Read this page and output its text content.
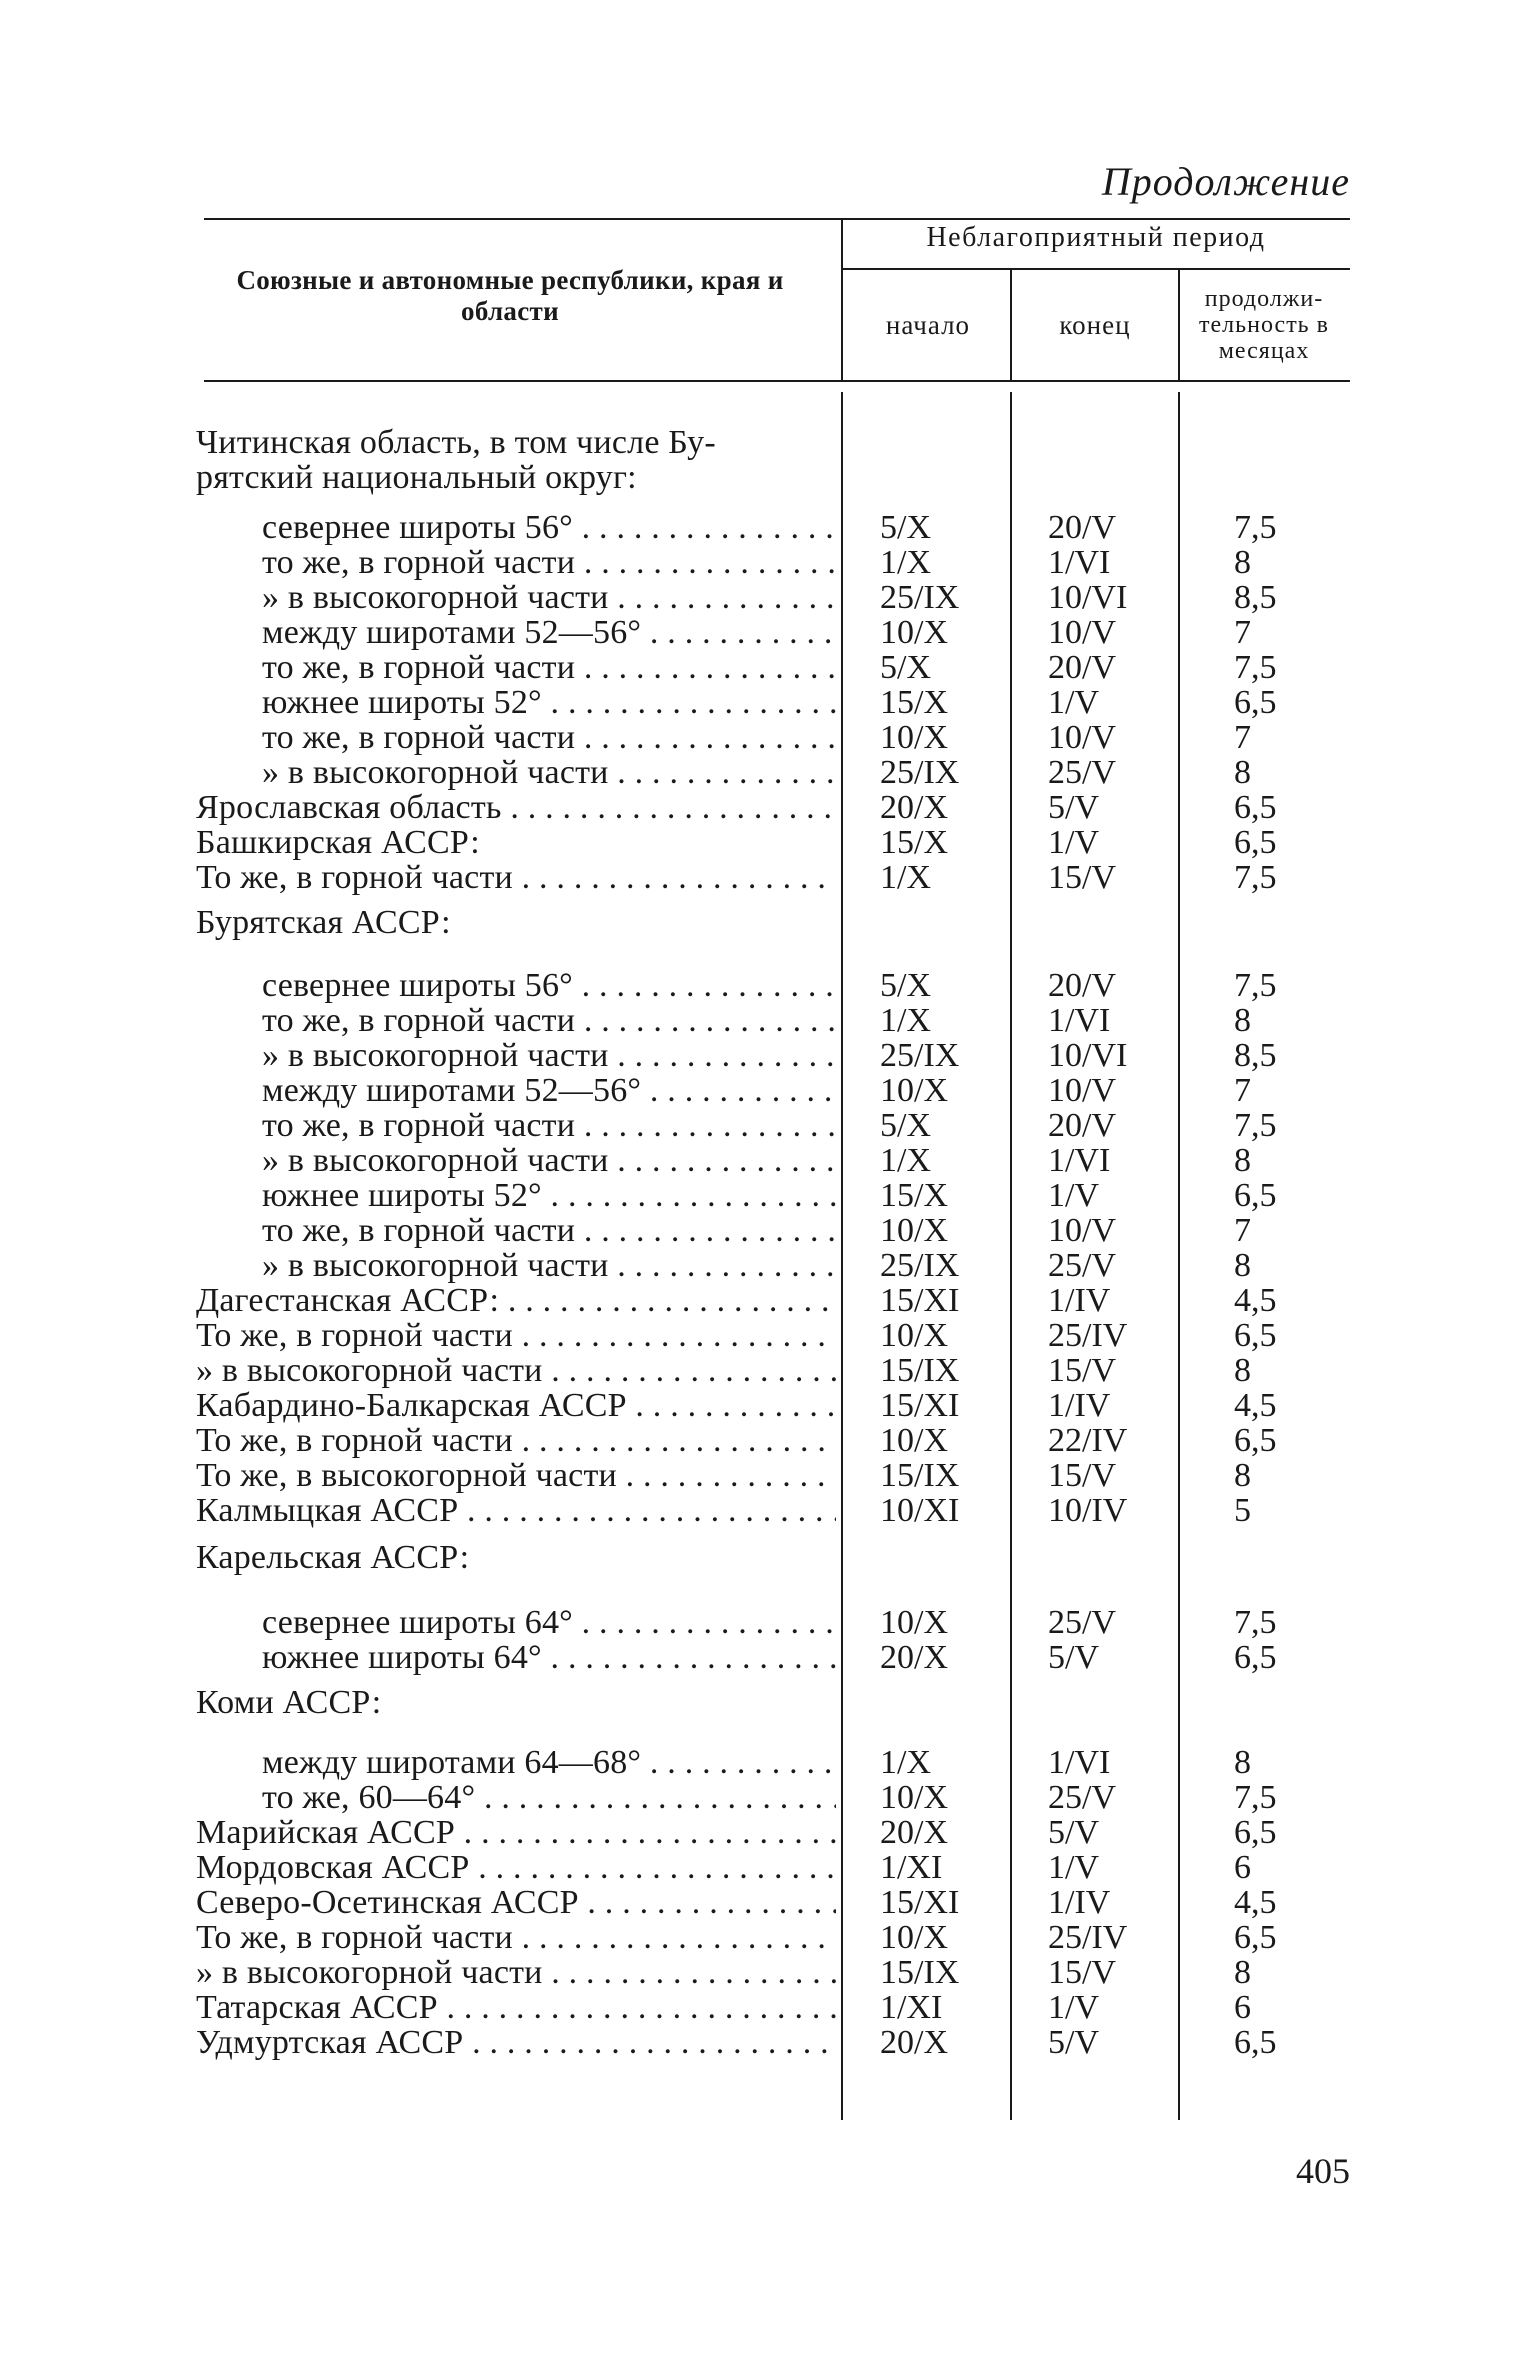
Продолжение
Союзные и автономные республики, края и области
Неблагоприятный период
начало	конец
продолжи-тельность в месяцах
Читинская область, в том числе Бу-
рятский национальный округ:
севернее широты 56° . . .	5/X	20/V	7,5
то же, в горной части . . .	1/X	1/VI	8
» в высокогорной части . . .	25/IX	10/VI	8,5
между широтами 52—56° . . .	10/X	10/V	7
то же, в горной части . . .	5/X	20/V	7,5
южнее широты 52° . . .	15/X	1/V	6,5
то же, в горной части . . .	10/X	10/V	7
» в высокогорной части . . .	25/IX	25/V	8
Ярославская область . . .	20/X	5/V	6,5
Башкирская АССР:	15/X	1/V	6,5
То же, в горной части . . .	1/X	15/V	7,5
Бурятская АССР:
севернее широты 56° . . .	5/X	20/V	7,5
то же, в горной части . . .	1/X	1/VI	8
» в высокогорной части . . .	25/IX	10/VI	8,5
между широтами 52—56° . . .	10/X	10/V	7
то же, в горной части . . .	5/X	20/V	7,5
» в высокогорной части . . .	1/X	1/VI	8
южнее широты 52° . . .	15/X	1/V	6,5
то же, в горной части . . .	10/X	10/V	7
» в высокогорной части . . .	25/IX	25/V	8
Дагестанская АССР: . . .	15/XI	1/IV	4,5
То же, в горной части . . .	10/X	25/IV	6,5
» в высокогорной части . . .	15/IX	15/V	8
Кабардино-Балкарская АССР . . .	15/XI	1/IV	4,5
То же, в горной части . . .	10/X	22/IV	6,5
То же, в высокогорной части . . .	15/IX	15/V	8
Калмыцкая АССР . . .	10/XI	10/IV	5
Карельская АССР:
севернее широты 64° . . .	10/X	25/V	7,5
южнее широты 64° . . .	20/X	5/V	6,5
Коми АССР:
между широтами 64—68° . . .	1/X	1/VI	8
то же, 60—64° . . .	10/X	25/V	7,5
Марийская АССР . . .	20/X	5/V	6,5
Мордовская АССР . . .	1/XI	1/V	6
Северо-Осетинская АССР . . .	15/XI	1/IV	4,5
То же, в горной части . . .	10/X	25/IV	6,5
» в высокогорной части . . .	15/IX	15/V	8
Татарская АССР . . .	1/XI	1/V	6
Удмуртская АССР . . .	20/X	5/V	6,5
405
